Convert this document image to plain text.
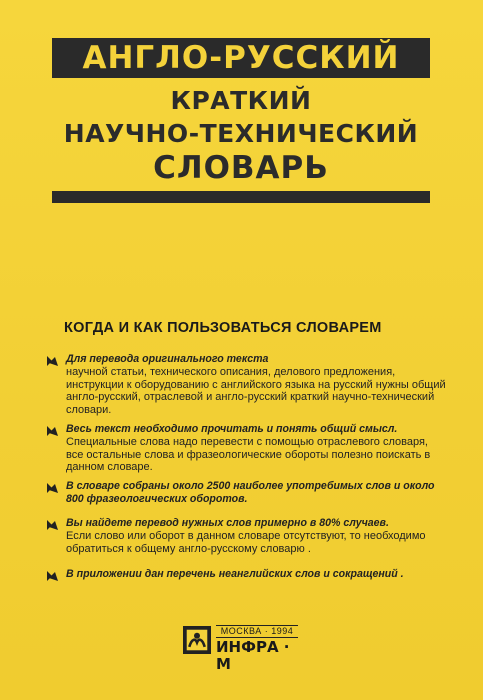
АНГЛО-РУССКИЙ
КРАТКИЙ
НАУЧНО-ТЕХНИЧЕСКИЙ
СЛОВАРЬ
КОГДА И КАК ПОЛЬЗОВАТЬСЯ СЛОВАРЕМ
Для перевода оригинального текста
научной статьи, технического описания, делового предложения, инструкции к оборудованию с английского языка на русский нужны общий англо-русский, отраслевой и англо-русский краткий научно-технический словари.
Весь текст необходимо прочитать и понять общий смысл.
Специальные слова надо перевести с помощью отраслевого словаря, все остальные слова и фразеологические обороты полезно поискать в данном словаре.
В словаре собраны около 2500 наиболее употребимых слов и около 800 фразеологических оборотов.
Вы найдете перевод нужных слов примерно в 80% случаев.
Если слово или оборот в данном словаре отсутствуют, то необходимо обратиться к общему англо-русскому словарю .
В приложении дан перечень неанглийских слов и сокращений .
МОСКВА · 1994
ИНФРА · М
